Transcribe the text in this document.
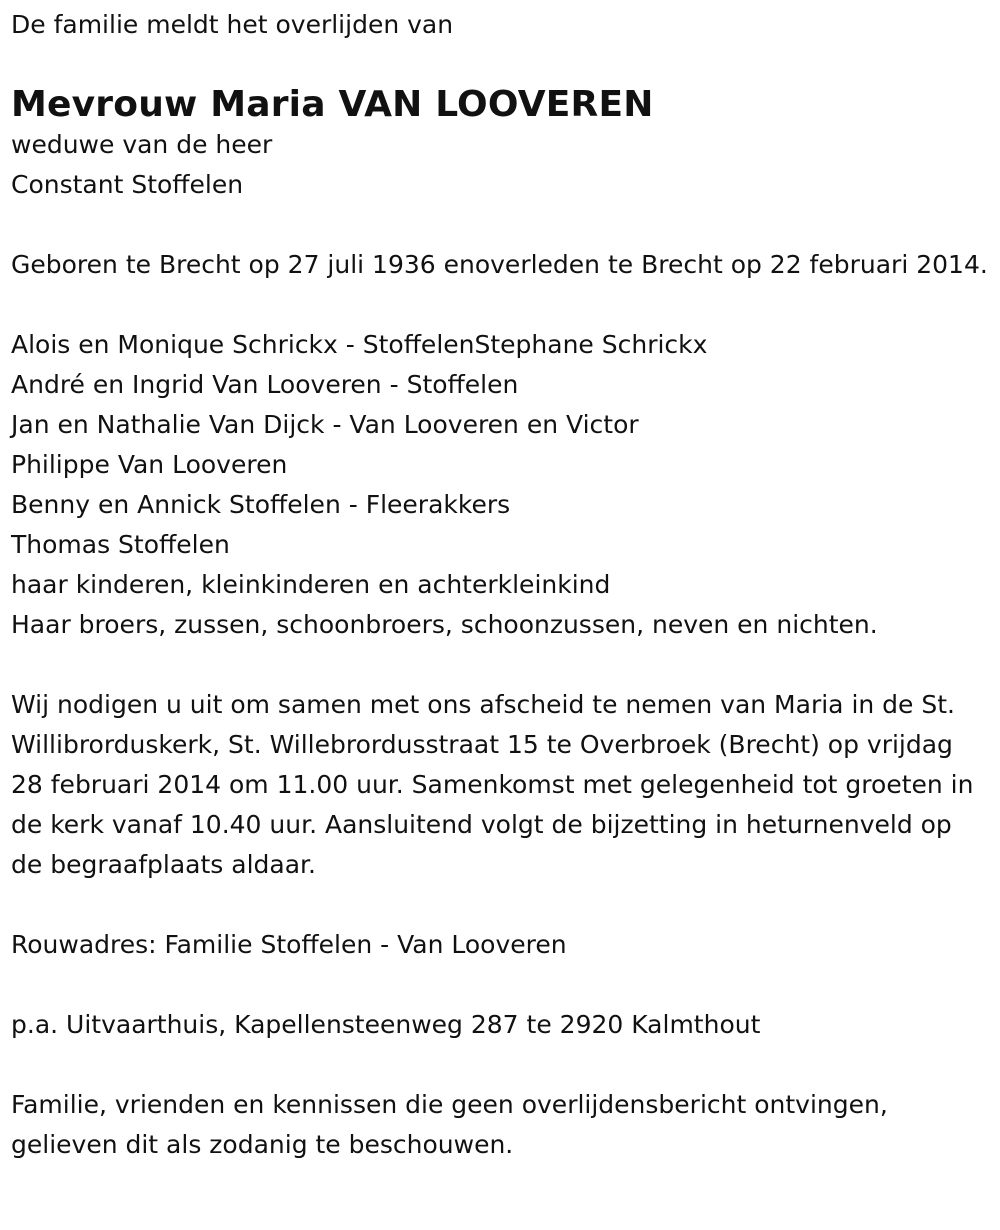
De familie meldt het overlijden van

Mevrouw Maria VAN LOOVEREN
weduwe van de heer
Constant Stoffelen

Geboren te Brecht op 27 juli 1936 enoverleden te Brecht op 22 februari 2014.

Alois en Monique Schrickx - StoffelenStephane Schrickx
André en Ingrid Van Looveren - Stoffelen
Jan en Nathalie Van Dijck - Van Looveren en Victor
Philippe Van Looveren
Benny en Annick Stoffelen - Fleerakkers
Thomas Stoffelen
haar kinderen, kleinkinderen en achterkleinkind
Haar broers, zussen, schoonbroers, schoonzussen, neven en nichten.

Wij nodigen u uit om samen met ons afscheid te nemen van Maria in de St. Willibrorduskerk, St. Willebrordusstraat 15 te Overbroek (Brecht) op vrijdag 28 februari 2014 om 11.00 uur. Samenkomst met gelegenheid tot groeten in de kerk vanaf 10.40 uur. Aansluitend volgt de bijzetting in heturnenveld op de begraafplaats aldaar.

Rouwadres: Familie Stoffelen - Van Looveren

p.a. Uitvaarthuis, Kapellensteenweg 287 te 2920 Kalmthout

Familie, vrienden en kennissen die geen overlijdensbericht ontvingen, gelieven dit als zodanig te beschouwen.
